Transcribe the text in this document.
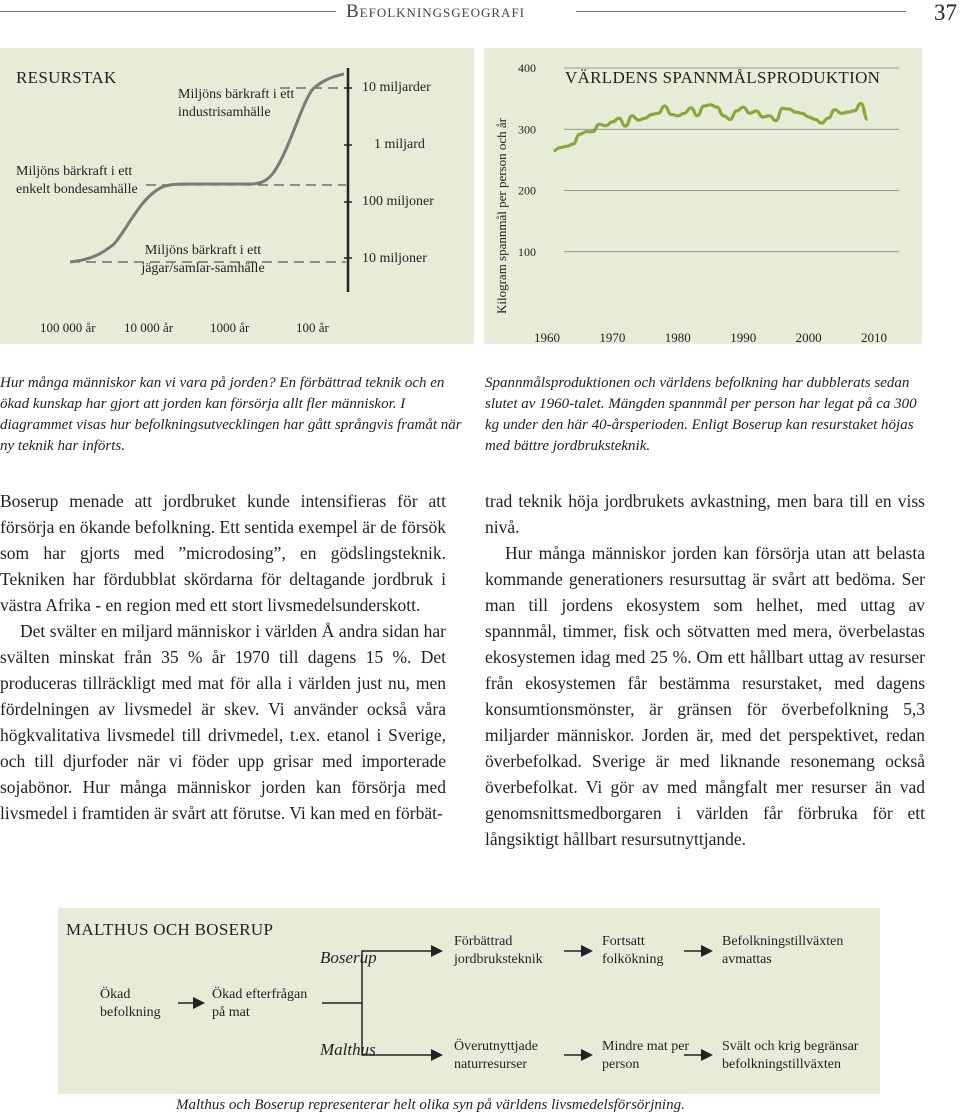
Befolkningsgeografi	37
RESURSTAK
Miljöns bärkraft i ett industrisamhälle
Miljöns bärkraft i ett enkelt bondesamhälle
Miljöns bärkraft i ett jägar/samlar-samhälle
10 miljarder
1 miljard
100 miljoner
10 miljoner
100 000 år 10 000 år	1000 år	100 år
VÄRLDENS SPANNMÅLSPRODUKTION
Kilogram spannmål per person och år 100
200
300
400
1960	1970	1980	1990	2000	2010
Hur många människor kan vi vara på jorden? En förbättrad teknik och en ökad kunskap har gjort att jorden kan försörja allt fler människor. I diagrammet visas hur befolkningsutvecklingen har gått språngvis framåt när ny teknik har införts.
Spannmålsproduktionen och världens befolkning har dubblerats sedan slutet av 1960-talet. Mängden spannmål per person har legat på ca 300 kg under den här 40-årsperioden. Enligt Boserup kan resurstaket höjas med bättre jordbruksteknik.

Boserup menade att jordbruket kunde intensifieras för att försörja en ökande befolkning. Ett sentida exempel är de försök som har gjorts med ”microdosing”, en gödslingsteknik. Tekniken har fördubblat skördarna för deltagande jordbruk i västra Afrika - en region med ett stort livsmedelsunderskott.

Det svälter en miljard människor i världen Å andra sidan har svälten minskat från 35 % år 1970 till dagens 15 %. Det produceras tillräckligt med mat för alla i världen just nu, men fördelningen av livsmedel är skev. Vi använder också våra högkvalitativa livsmedel till drivmedel, t.ex. etanol i Sverige, och till djurfoder när vi föder upp grisar med importerade sojabönor. Hur många människor jorden kan försörja med livsmedel i framtiden är svårt att förutse. Vi kan med en förbät-

trad teknik höja jordbrukets avkastning, men bara till en viss nivå.

Hur många människor jorden kan försörja utan att belasta kommande generationers resursuttag är svårt att bedöma. Ser man till jordens ekosystem som helhet, med uttag av spannmål, timmer, fisk och sötvatten med mera, överbelastas ekosystemen idag med 25 %. Om ett hållbart uttag av resurser från ekosystemen får bestämma resurstaket, med dagens konsumtionsmönster, är gränsen för överbefolkning 5,3 miljarder människor. Jorden är, med det perspektivet, redan överbefolkad. Sverige är med liknande resonemang också överbefolkat. Vi gör av med mångfalt mer resurser än vad genomsnittsmedborgaren i världen får förbruka för ett långsiktigt hållbart resursutnyttjande.

MALTHUS OCH BOSERUP
Ökad befolkning
Ökad efterfrågan på mat
Boserup
Malthus
Förbättrad jordbruksteknik
Fortsatt folkökning
Befolkningstillväxten avmattas
Överutnyttjade naturresurser
Mindre mat per person
Svält och krig begränsar befolkningstillväxten
Malthus och Boserup representerar helt olika syn på världens livsmedelsförsörjning.
